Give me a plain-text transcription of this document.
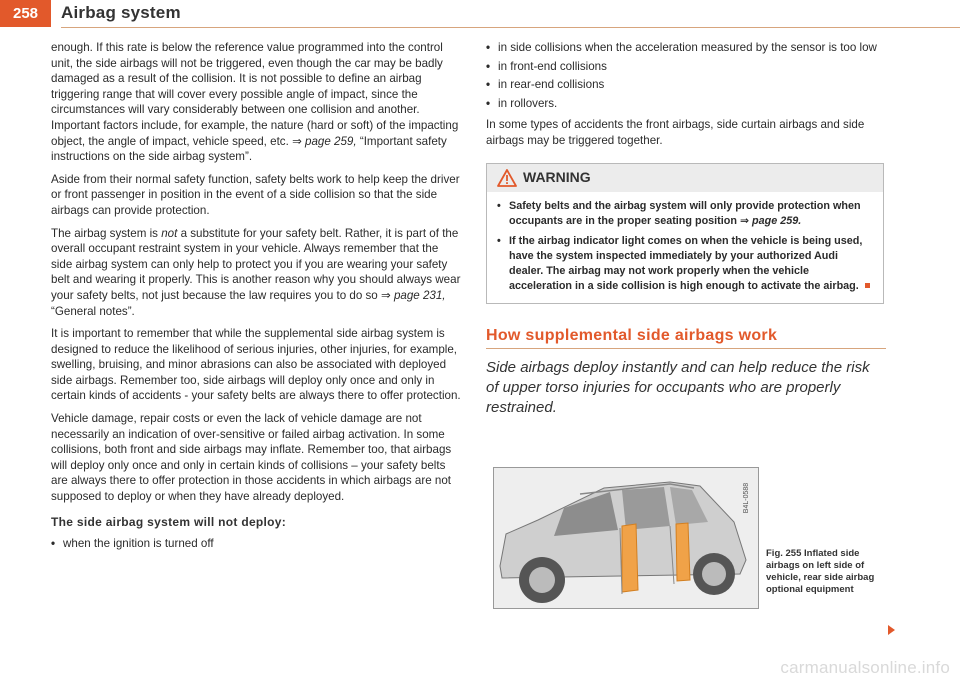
258	Airbag system

enough. If this rate is below the reference value programmed into the control unit, the side airbags will not be triggered, even though the car may be badly damaged as a result of the collision. It is not possible to define an airbag triggering range that will cover every possible angle of impact, since the circumstances will vary considerably between one collision and another. Important factors include, for example, the nature (hard or soft) of the impacting object, the angle of impact, vehicle speed, etc. ⇒ page 259, “Important safety instructions on the side airbag system”.

Aside from their normal safety function, safety belts work to help keep the driver or front passenger in position in the event of a side collision so that the side airbags can provide protection.

The airbag system is not a substitute for your safety belt. Rather, it is part of the overall occupant restraint system in your vehicle. Always remember that the side airbag system can only help to protect you if you are wearing your safety belt and wearing it properly. This is another reason why you should always wear your safety belts, not just because the law requires you to do so ⇒ page 231, “General notes”.

It is important to remember that while the supplemental side airbag system is designed to reduce the likelihood of serious injuries, other injuries, for example, swelling, bruising, and minor abrasions can also be associated with deployed side airbags. Remember too, side airbags will deploy only once and only in certain kinds of accidents - your safety belts are always there to offer protection.

Vehicle damage, repair costs or even the lack of vehicle damage are not necessarily an indication of over-sensitive or failed airbag activation. In some collisions, both front and side airbags may inflate. Remember too, that airbags will deploy only once and only in certain kinds of collisions – your safety belts are always there to offer protection in those accidents in which airbags are not supposed to deploy or when they have already deployed.

The side airbag system will not deploy:
• when the ignition is turned off
• in side collisions when the acceleration measured by the sensor is too low
• in front-end collisions
• in rear-end collisions
• in rollovers.

In some types of accidents the front airbags, side curtain airbags and side airbags may be triggered together.

WARNING
• Safety belts and the airbag system will only provide protection when occupants are in the proper seating position ⇒ page 259.
• If the airbag indicator light comes on when the vehicle is being used, have the system inspected immediately by your authorized Audi dealer. The airbag may not work properly when the vehicle acceleration in a side collision is high enough to activate the airbag.
How supplemental side airbags work
Side airbags deploy instantly and can help reduce the risk of upper torso injuries for occupants who are properly restrained.
B4L-0588
Fig. 255 Inflated side airbags on left side of vehicle, rear side airbag optional equipment
carmanualsonline.info
